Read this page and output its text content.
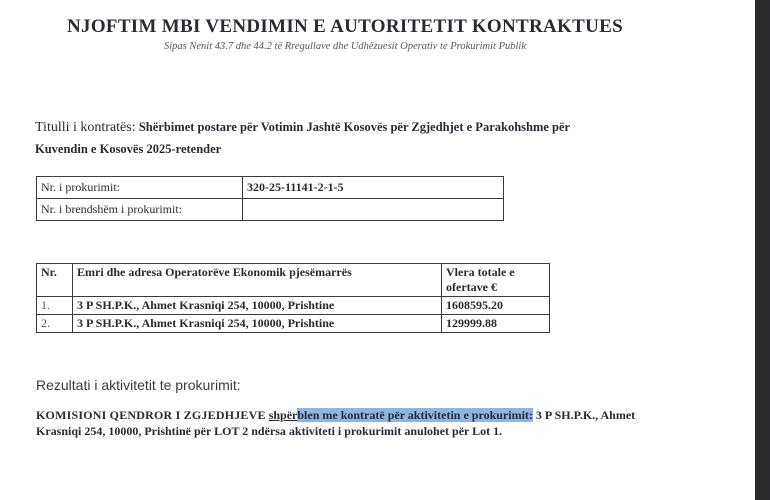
NJOFTIM MBI VENDIMIN E AUTORITETIT KONTRAKTUES
Sipas Nenit 43.7 dhe 44.2 të Rregullave dhe Udhëzuesit Operativ te Prokurimit Publik
Titulli i kontratës: Shërbimet postare për Votimin Jashtë Kosovës për Zgjedhjet e Parakohshme për Kuvendin e Kosovës 2025-retender
Nr. i prokurimit:	320-25-11141-2-1-5
Nr. i brendshëm i prokurimit:	
Nr.	Emri dhe adresa Operatorëve Ekonomik pjesëmarrës	Vlera totale e ofertave €
1.	3 P SH.P.K., Ahmet Krasniqi 254, 10000, Prishtine	1608595.20
2.	3 P SH.P.K., Ahmet Krasniqi 254, 10000, Prishtine	129999.88
Rezultati i aktivitetit te prokurimit:
KOMISIONI QENDROR I ZGJEDHJEVE shpërblen me kontratë për aktivitetin e prokurimit: 3 P SH.P.K., Ahmet Krasniqi 254, 10000, Prishtinë për LOT 2 ndërsa aktiviteti i prokurimit anulohet për Lot 1.
